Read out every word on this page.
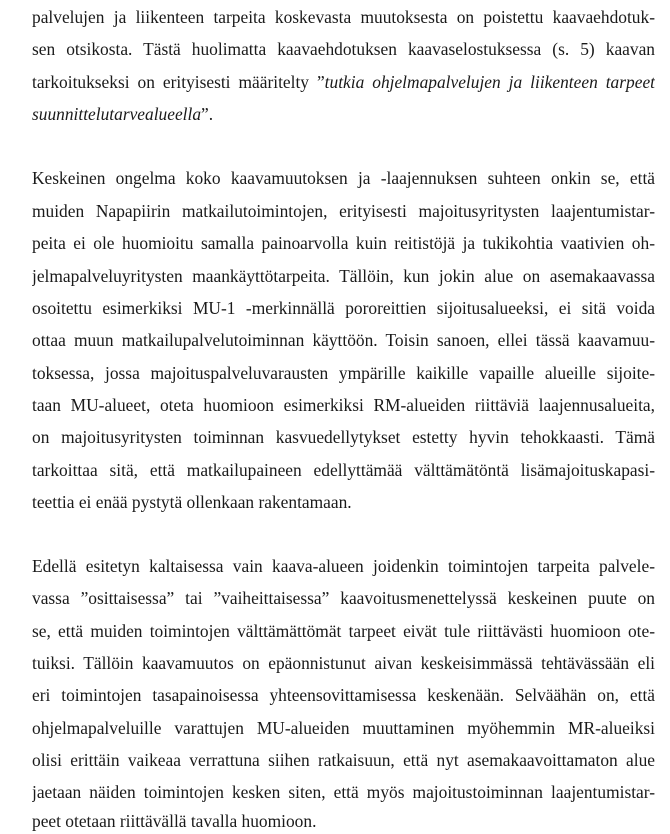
palvelujen ja liikenteen tarpeita koskevasta muutoksesta on poistettu kaavaehdotuk-
sen otsikosta. Tästä huolimatta kaavaehdotuksen kaavaselostuksessa (s. 5) kaavan
tarkoitukseksi on erityisesti määritelty ”tutkia ohjelmapalvelujen ja liikenteen tarpeet
suunnittelutarvealueella”.
Keskeinen ongelma koko kaavamuutoksen ja -laajennuksen suhteen onkin se, että
muiden Napapiirin matkailutoimintojen, erityisesti majoitusyritysten laajentumistar-
peita ei ole huomioitu samalla painoarvolla kuin reitistöjä ja tukikohtia vaativien oh-
jelmapalveluyritysten maankäyttötarpeita. Tällöin, kun jokin alue on asemakaavassa
osoitettu esimerkiksi MU-1 -merkinnällä pororeittien sijoitusalueeksi, ei sitä voida
ottaa muun matkailupalvelutoiminnan käyttöön. Toisin sanoen, ellei tässä kaavamuu-
toksessa, jossa majoituspalveluvarausten ympärille kaikille vapaille alueille sijoite-
taan MU-alueet, oteta huomioon esimerkiksi RM-alueiden riittäviä laajennusalueita,
on majoitusyritysten toiminnan kasvuedellytykset estetty hyvin tehokkaasti. Tämä
tarkoittaa sitä, että matkailupaineen edellyttämää välttämätöntä lisämajoituskapasi-
teettia ei enää pystytä ollenkaan rakentamaan.
Edellä esitetyn kaltaisessa vain kaava-alueen joidenkin toimintojen tarpeita palvele-
vassa ”osittaisessa” tai ”vaiheittaisessa” kaavoitusmenettelyssä keskeinen puute on
se, että muiden toimintojen välttämättömät tarpeet eivät tule riittävästi huomioon ote-
tuiksi. Tällöin kaavamuutos on epäonnistunut aivan keskeisimmässä tehtävässään eli
eri toimintojen tasapainoisessa yhteensovittamisessa keskenään. Selväähän on, että
ohjelmapalveluille varattujen MU-alueiden muuttaminen myöhemmin MR-alueiksi
olisi erittäin vaikeaa verrattuna siihen ratkaisuun, että nyt asemakaavoittamaton alue
jaetaan näiden toimintojen kesken siten, että myös majoitustoiminnan laajentumistar-
peet otetaan riittävällä tavalla huomioon.
